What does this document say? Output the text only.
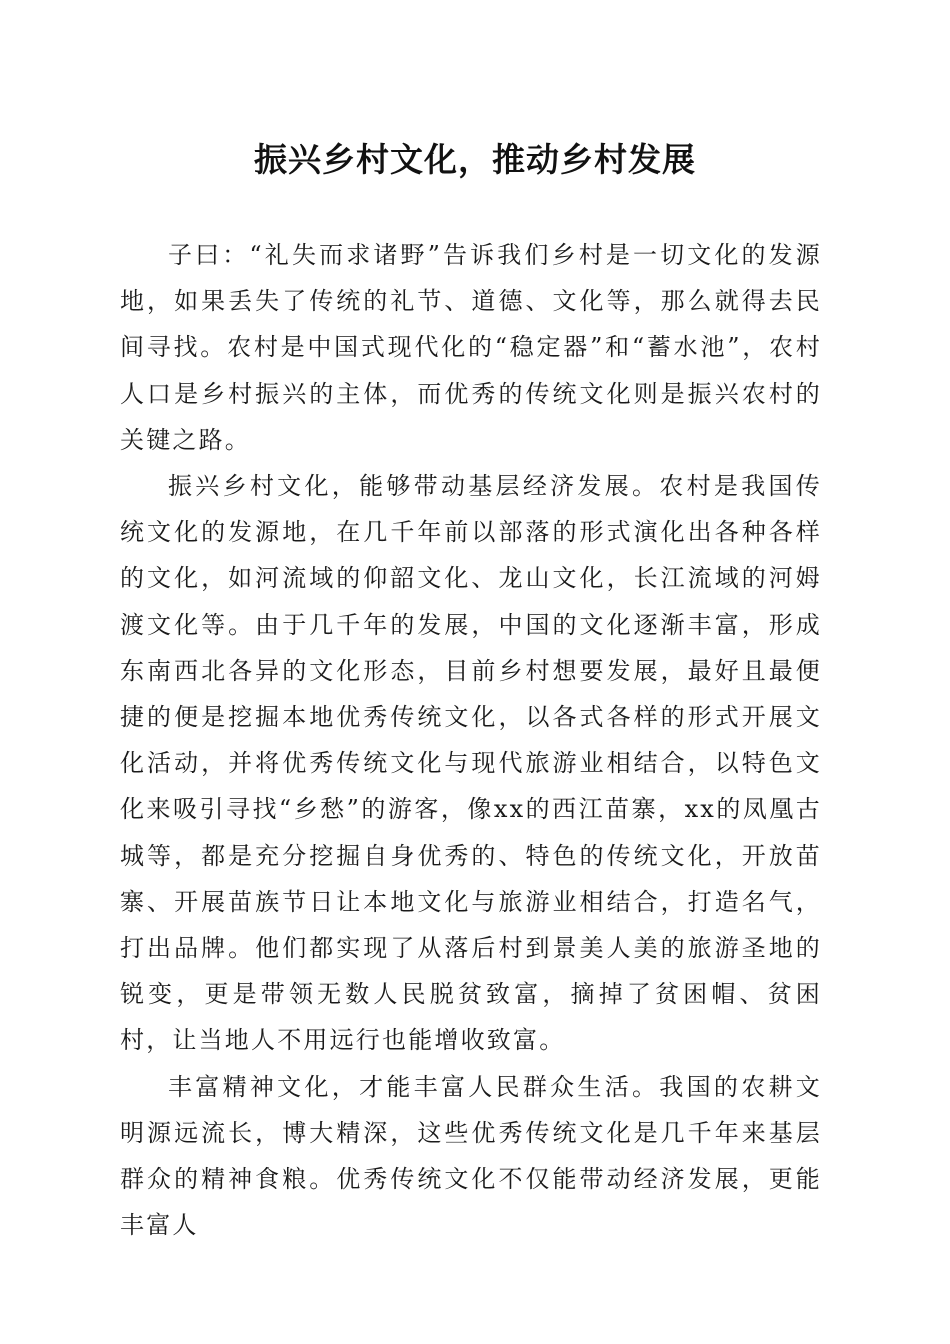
振兴乡村文化，推动乡村发展

子曰：“礼失而求诸野”告诉我们乡村是一切文化的发源地，如果丢失了传统的礼节、道德、文化等，那么就得去民间寻找。农村是中国式现代化的“稳定器”和“蓄水池”，农村人口是乡村振兴的主体，而优秀的传统文化则是振兴农村的关键之路。

振兴乡村文化，能够带动基层经济发展。农村是我国传统文化的发源地，在几千年前以部落的形式演化出各种各样的文化，如河流域的仰韶文化、龙山文化，长江流域的河姆渡文化等。由于几千年的发展，中国的文化逐渐丰富，形成东南西北各异的文化形态，目前乡村想要发展，最好且最便捷的便是挖掘本地优秀传统文化，以各式各样的形式开展文化活动，并将优秀传统文化与现代旅游业相结合，以特色文化来吸引寻找“乡愁”的游客，像xx的西江苗寨，xx的凤凰古城等，都是充分挖掘自身优秀的、特色的传统文化，开放苗寨、开展苗族节日让本地文化与旅游业相结合，打造名气，打出品牌。他们都实现了从落后村到景美人美的旅游圣地的锐变，更是带领无数人民脱贫致富，摘掉了贫困帽、贫困村，让当地人不用远行也能增收致富。

丰富精神文化，才能丰富人民群众生活。我国的农耕文明源远流长，博大精深，这些优秀传统文化是几千年来基层群众的精神食粮。优秀传统文化不仅能带动经济发展，更能丰富人
